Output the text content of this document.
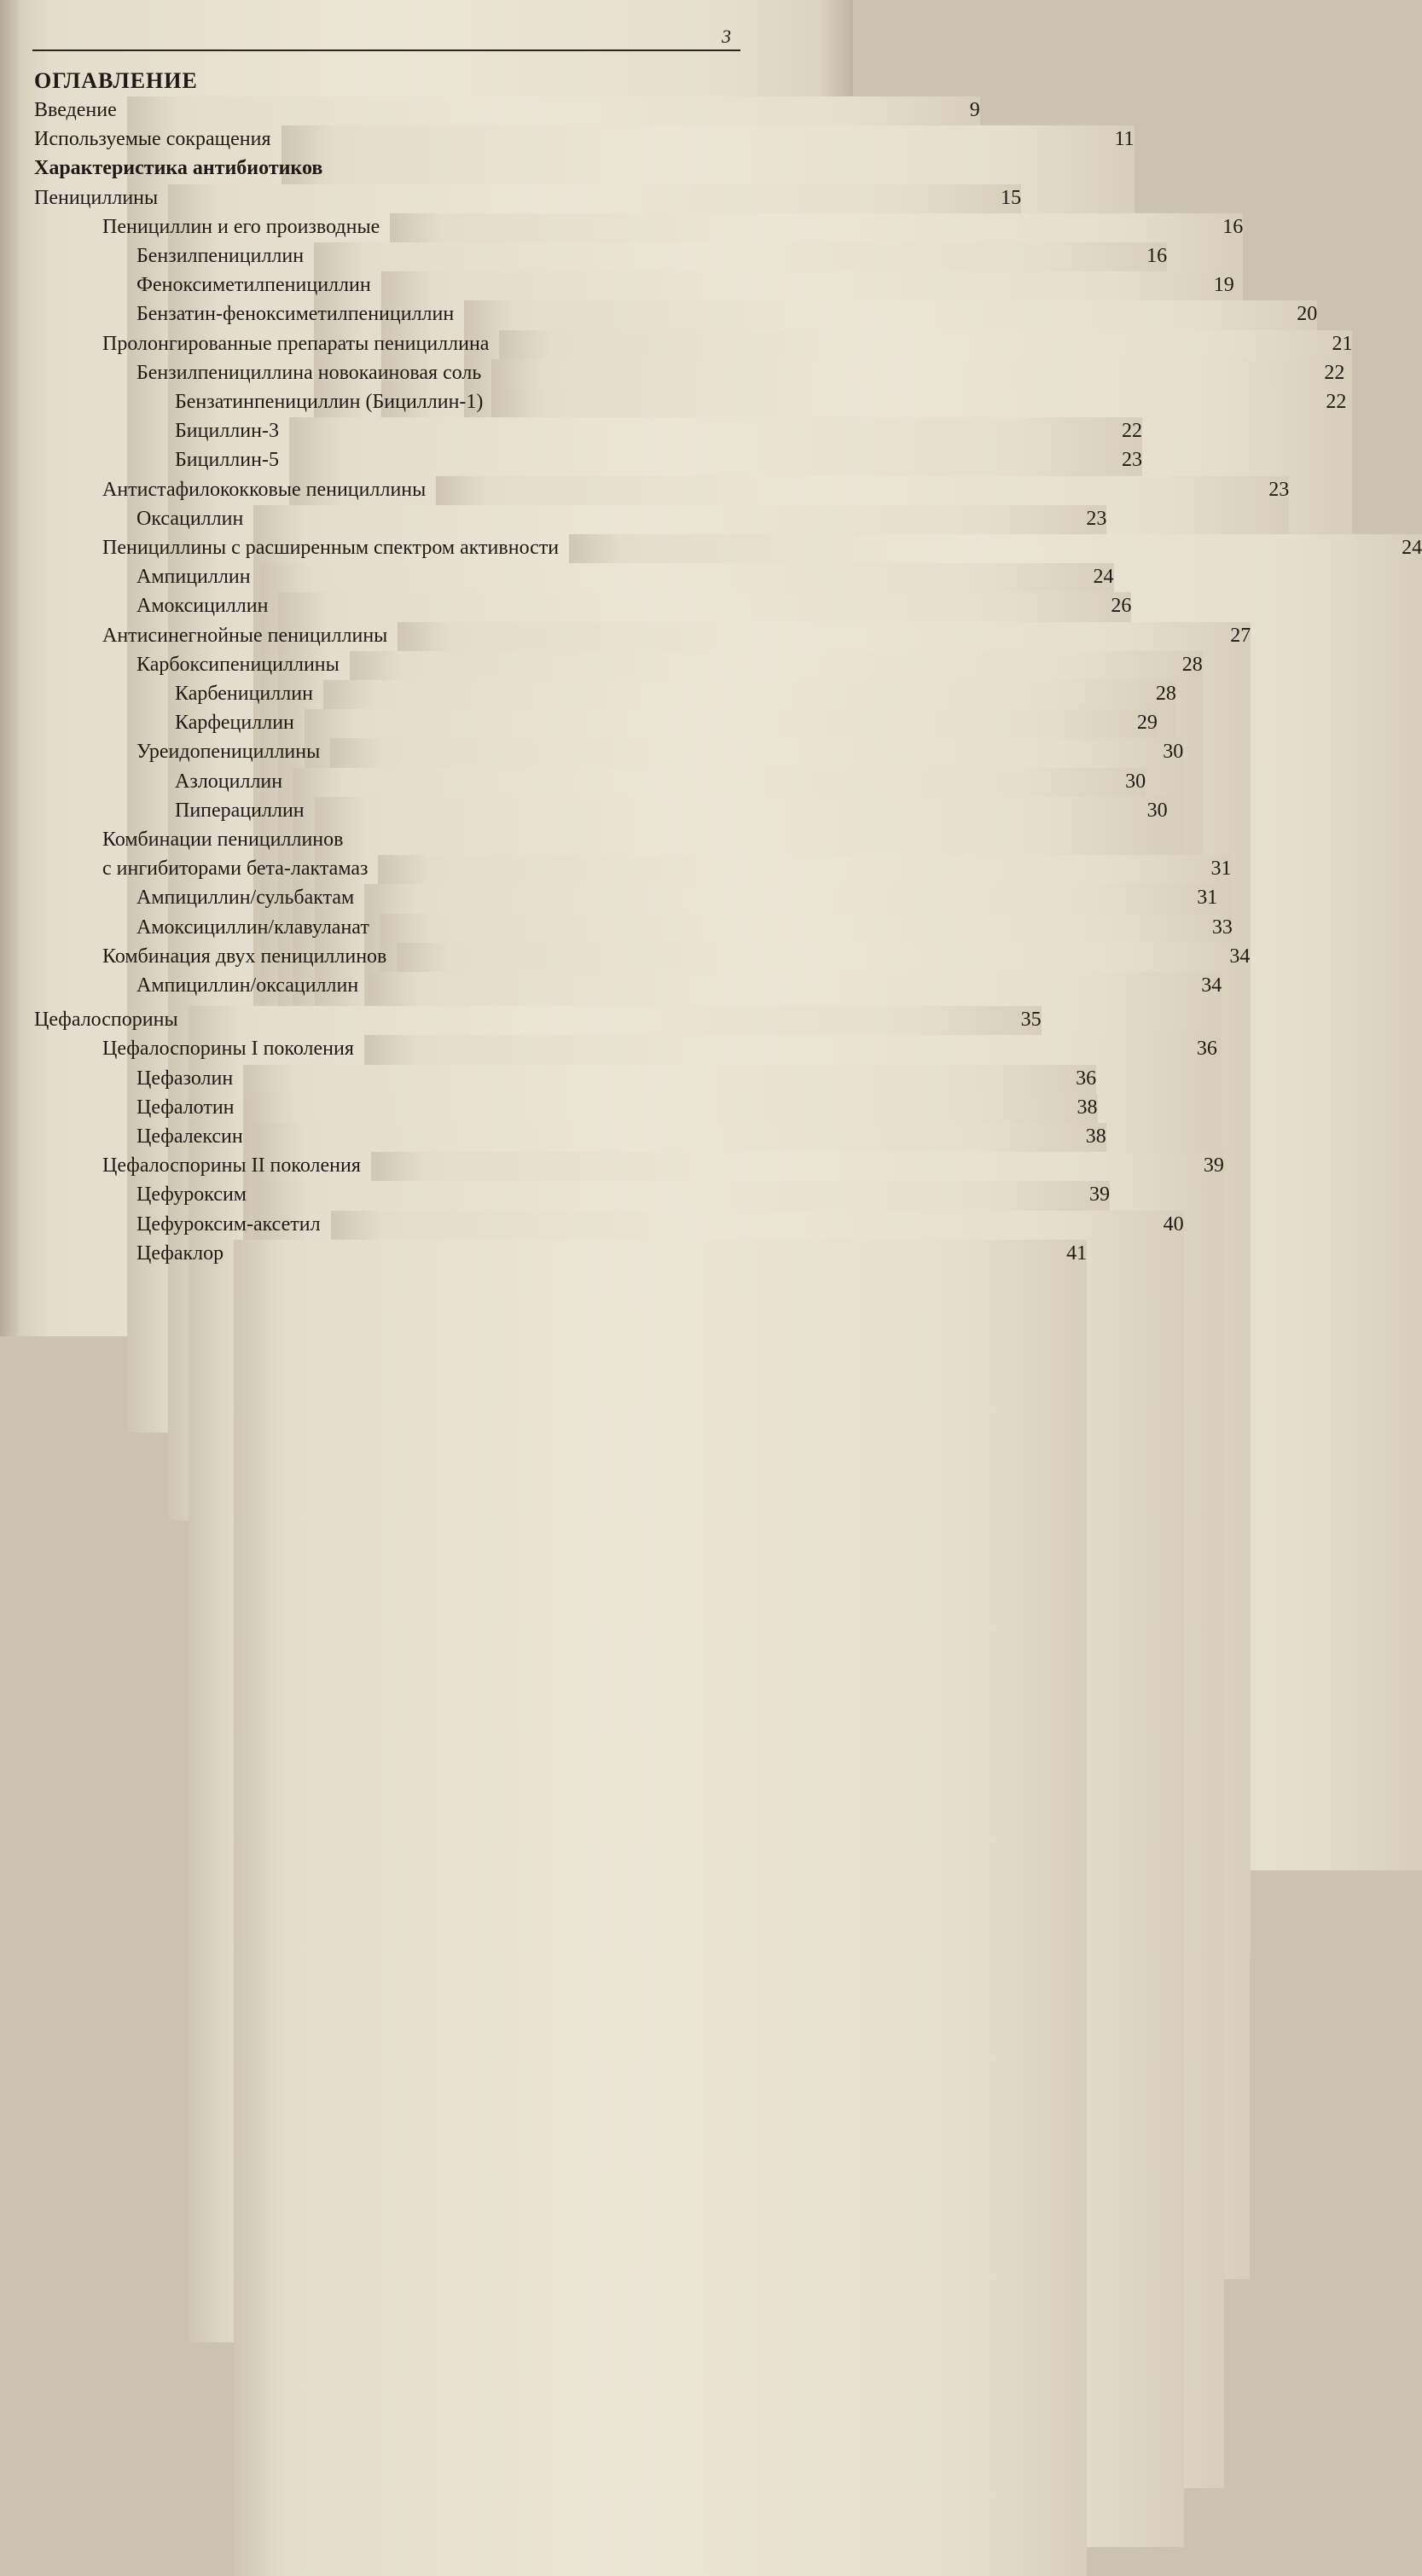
3
ОГЛАВЛЕНИЕ
Введение	9
Используемые сокращения	11
Характеристика антибиотиков
Пенициллины	15
Пенициллин и его производные	16
Бензилпенициллин	16
Феноксиметилпенициллин	19
Бензатин-феноксиметилпенициллин	20
Пролонгированные препараты пенициллина	21
Бензилпенициллина новокаиновая соль	22
Бензатинпенициллин (Бициллин-1)	22
Бициллин-3	22
Бициллин-5	23
Антистафилококковые пенициллины	23
Оксациллин	23
Пенициллины с расширенным спектром активности	24
Ампициллин	24
Амоксициллин	26
Антисинегнойные пенициллины	27
Карбоксипенициллины	28
Карбенициллин	28
Карфециллин	29
Уреидопенициллины	30
Азлоциллин	30
Пиперациллин	30
Комбинации пенициллинов
с ингибиторами бета-лактамаз	31
Ампициллин/сульбактам	31
Амоксициллин/клавуланат	33
Комбинация двух пенициллинов	34
Ампициллин/оксациллин	34
Цефалоспорины	35
Цефалоспорины I поколения	36
Цефазолин	36
Цефалотин	38
Цефалексин	38
Цефалоспорины II поколения	39
Цефуроксим	39
Цефуроксим-аксетил	40
Цефаклор	41
